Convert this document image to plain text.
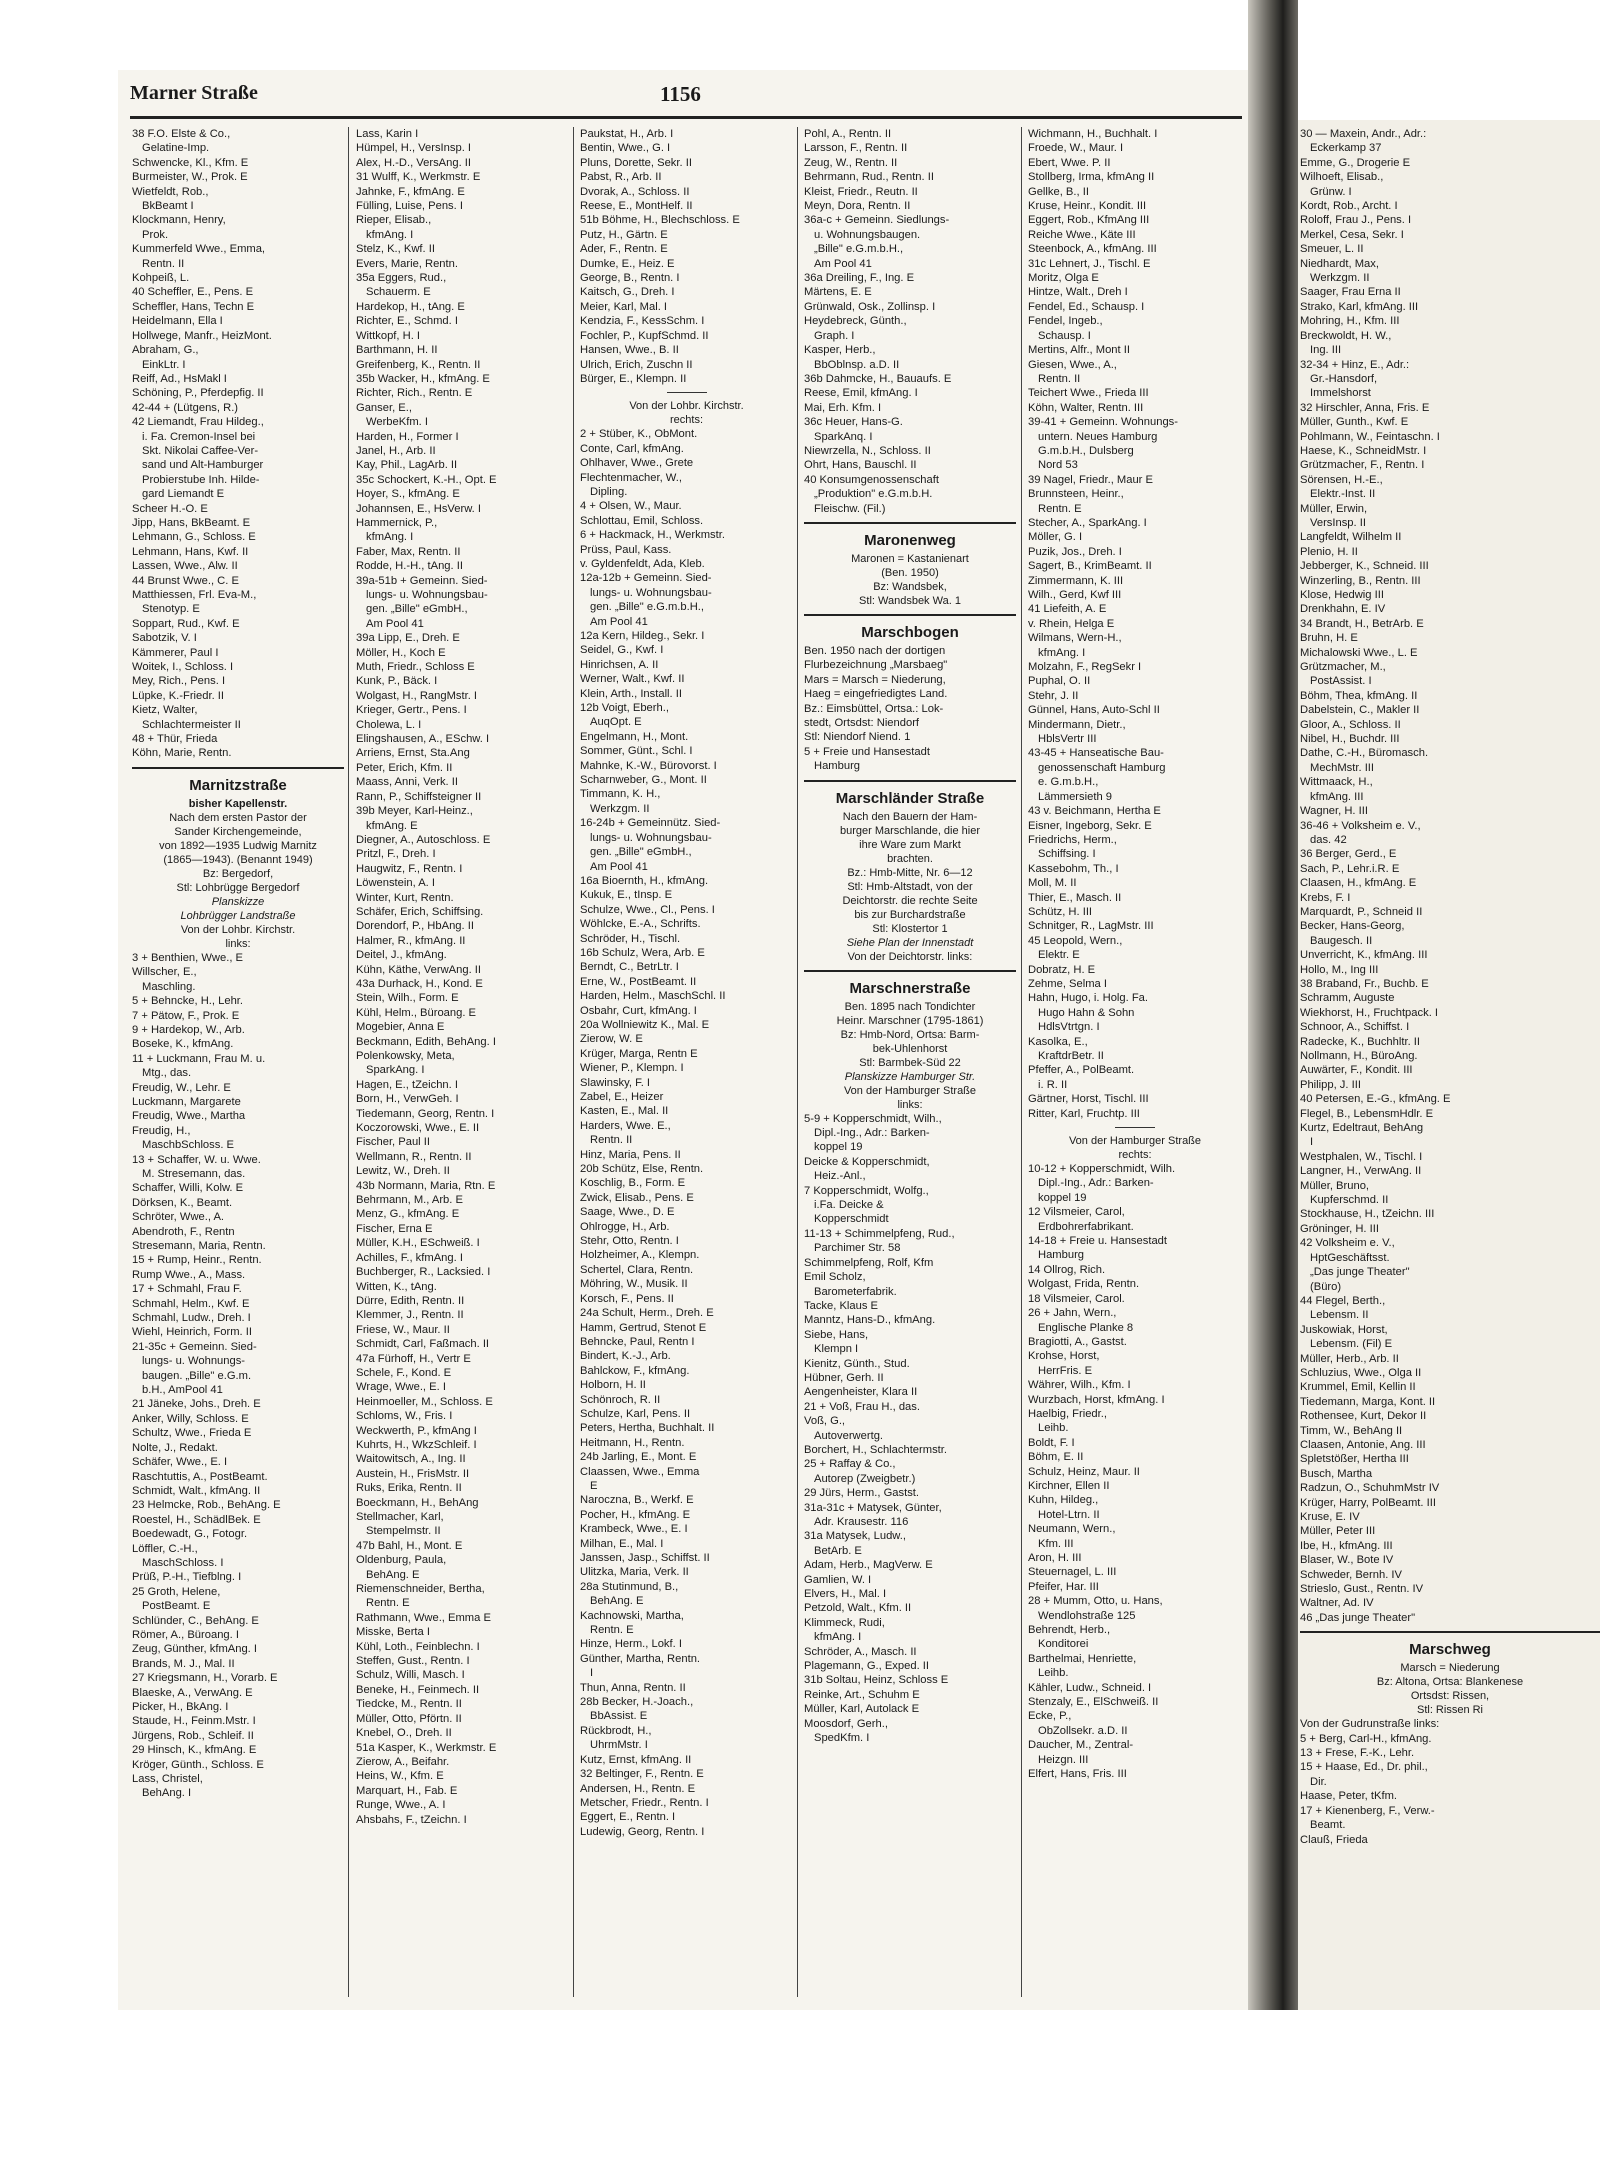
Marner Straße	1156
38 F.O. Elste & Co.,
Gelatine-Imp.
Schwencke, Kl., Kfm. E
Burmeister, W., Prok. E
Wietfeldt, Rob.,
BkBeamt I
Klockmann, Henry,
Prok.
Kummerfeld Wwe., Emma,
Rentn. II
Kohpeiß, L.
40 Scheffler, E., Pens. E
Scheffler, Hans, Techn E
Heidelmann, Ella I
Hollwege, Manfr., HeizMont.
Abraham, G.,
EinkLtr. I
Reiff, Ad., HsMakl I
Schöning, P., Pferdepfig. II
42-44 + (Lütgens, R.)
42 Liemandt, Frau Hildeg.,
i. Fa. Cremon-Insel bei
Skt. Nikolai Caffee-Ver-
sand und Alt-Hamburger
Probierstube Inh. Hilde-
gard Liemandt E
Scheer H.-O. E
Jipp, Hans, BkBeamt. E
Lehmann, G., Schloss. E
Lehmann, Hans, Kwf. II
Lassen, Wwe., Alw. II
44 Brunst Wwe., C. E
Matthiessen, Frl. Eva-M.,
Stenotyp. E
Soppart, Rud., Kwf. E
Sabotzik, V. I
Kämmerer, Paul I
Woitek, I., Schloss. I
Mey, Rich., Pens. I
Lüpke, K.-Friedr. II
Kietz, Walter,
Schlachtermeister II
48 + Thür, Frieda
Köhn, Marie, Rentn.
Marnitzstraße
bisher Kapellenstr.
Nach dem ersten Pastor der
Sander Kirchengemeinde,
von 1892—1935 Ludwig Marnitz
(1865—1943). (Benannt 1949)
Bz: Bergedorf,
Stl: Lohbrügge Bergedorf
Planskizze
Lohbrügger Landstraße
Von der Lohbr. Kirchstr.
links:
3 + Benthien, Wwe., E
Willscher, E.,
Maschling.
5 + Behncke, H., Lehr.
7 + Pätow, F., Prok. E
9 + Hardekop, W., Arb.
Boseke, K., kfmAng.
11 + Luckmann, Frau M. u.
Mtg., das.
Freudig, W., Lehr. E
Luckmann, Margarete
Freudig, Wwe., Martha
Freudig, H.,
MaschbSchloss. E
13 + Schaffer, W. u. Wwe.
M. Stresemann, das.
Schaffer, Willi, Kolw. E
Dörksen, K., Beamt.
Schröter, Wwe., A.
Abendroth, F., Rentn
Stresemann, Maria, Rentn.
15 + Rump, Heinr., Rentn.
Rump Wwe., A., Mass.
17 + Schmahl, Frau F.
Schmahl, Helm., Kwf. E
Schmahl, Ludw., Dreh. I
Wiehl, Heinrich, Form. II
21-35c + Gemeinn. Sied-
lungs- u. Wohnungs-
baugen. „Bille" e.G.m.
b.H., AmPool 41
21 Jäneke, Johs., Dreh. E
Anker, Willy, Schloss. E
Schultz, Wwe., Frieda E
Nolte, J., Redakt.
Schäfer, Wwe., E. I
Raschtuttis, A., PostBeamt.
Schmidt, Walt., kfmAng. II
23 Helmcke, Rob., BehAng. E
Roestel, H., SchädlBek. E
Boedewadt, G., Fotogr.
Löffler, C.-H.,
MaschSchloss. I
Prüß, P.-H., Tiefblng. I
25 Groth, Helene,
PostBeamt. E
Schlünder, C., BehAng. E
Römer, A., Büroang. I
Zeug, Günther, kfmAng. I
Brands, M. J., Mal. II
27 Kriegsmann, H., Vorarb. E
Blaeske, A., VerwAng. E
Picker, H., BkAng. I
Staude, H., Feinm.Mstr. I
Jürgens, Rob., Schleif. II
29 Hinsch, K., kfmAng. E
Kröger, Günth., Schloss. E
Lass, Christel,
BehAng. I
Lass, Karin I
Hümpel, H., VersInsp. I
Alex, H.-D., VersAng. II
31 Wulff, K., Werkmstr. E
Jahnke, F., kfmAng. E
Fülling, Luise, Pens. I
Rieper, Elisab.,
kfmAng. I
Stelz, K., Kwf. II
Evers, Marie, Rentn.
35a Eggers, Rud.,
Schauerm. E
Hardekop, H., tAng. E
Richter, E., Schmd. I
Wittkopf, H. I
Barthmann, H. II
Greifenberg, K., Rentn. II
35b Wacker, H., kfmAng. E
Richter, Rich., Rentn. E
Ganser, E.,
WerbeKfm. I
Harden, H., Former I
Janel, H., Arb. II
Kay, Phil., LagArb. II
35c Schockert, K.-H., Opt. E
Hoyer, S., kfmAng. E
Johannsen, E., HsVerw. I
Hammernick, P.,
kfmAng. I
Faber, Max, Rentn. II
Rodde, H.-H., tAng. II
39a-51b + Gemeinn. Sied-
lungs- u. Wohnungsbau-
gen. „Bille" eGmbH.,
Am Pool 41
39a Lipp, E., Dreh. E
Möller, H., Koch E
Muth, Friedr., Schloss E
Kunk, P., Bäck. I
Wolgast, H., RangMstr. I
Krieger, Gertr., Pens. I
Cholewa, L. I
Elingshausen, A., ESchw. I
Arriens, Ernst, Sta.Ang
Peter, Erich, Kfm. II
Maass, Anni, Verk. II
Rann, P., Schiffsteigner II
39b Meyer, Karl-Heinz.,
kfmAng. E
Diegner, A., Autoschloss. E
Pritzl, F., Dreh. I
Haugwitz, F., Rentn. I
Löwenstein, A. I
Winter, Kurt, Rentn.
Schäfer, Erich, Schiffsing.
Dorendorf, P., HbAng. II
Halmer, R., kfmAng. II
Deitel, J., kfmAng.
Kühn, Käthe, VerwAng. II
43a Durhack, H., Kond. E
Stein, Wilh., Form. E
Kühl, Helm., Büroang. E
Mogebier, Anna E
Beckmann, Edith, BehAng. I
Polenkowsky, Meta,
SparkAng. I
Hagen, E., tZeichn. I
Born, H., VerwGeh. I
Tiedemann, Georg, Rentn. I
Koczorowski, Wwe., E. II
Fischer, Paul II
Wellmann, R., Rentn. II
Lewitz, W., Dreh. II
43b Normann, Maria, Rtn. E
Behrmann, M., Arb. E
Menz, G., kfmAng. E
Fischer, Erna E
Müller, K.H., ESchweiß. I
Achilles, F., kfmAng. I
Buchberger, R., Lacksied. I
Witten, K., tAng.
Dürre, Edith, Rentn. II
Klemmer, J., Rentn. II
Friese, W., Maur. II
Schmidt, Carl, Faßmach. II
47a Fürhoff, H., Vertr E
Schele, F., Kond. E
Wrage, Wwe., E. I
Heinmoeller, M., Schloss. E
Schloms, W., Fris. I
Weckwerth, P., kfmAng I
Kuhrts, H., WkzSchleif. I
Waitowitsch, A., Ing. II
Austein, H., FrisMstr. II
Ruks, Erika, Rentn. II
Boeckmann, H., BehAng
Stellmacher, Karl,
Stempelmstr. II
47b Bahl, H., Mont. E
Oldenburg, Paula,
BehAng. E
Riemenschneider, Bertha,
Rentn. E
Rathmann, Wwe., Emma E
Misske, Berta I
Kühl, Loth., Feinblechn. I
Steffen, Gust., Rentn. I
Schulz, Willi, Masch. I
Beneke, H., Feinmech. II
Tiedcke, M., Rentn. II
Müller, Otto, Pförtn. II
Knebel, O., Dreh. II
51a Kasper, K., Werkmstr. E
Zierow, A., Beifahr.
Heins, W., Kfm. E
Marquart, H., Fab. E
Runge, Wwe., A. I
Ahsbahs, F., tZeichn. I
Paukstat, H., Arb. I
Bentin, Wwe., G. I
Pluns, Dorette, Sekr. II
Pabst, R., Arb. II
Dvorak, A., Schloss. II
Reese, E., MontHelf. II
51b Böhme, H., Blechschloss. E
Putz, H., Gärtn. E
Ader, F., Rentn. E
Dumke, E., Heiz. E
George, B., Rentn. I
Kaitsch, G., Dreh. I
Meier, Karl, Mal. I
Kendzia, F., KessSchm. I
Fochler, P., KupfSchmd. II
Hansen, Wwe., B. II
Ulrich, Erich, Zuschn II
Bürger, E., Klempn. II
Von der Lohbr. Kirchstr.
rechts:
2 + Stüber, K., ObMont.
Conte, Carl, kfmAng.
Ohlhaver, Wwe., Grete
Flechtenmacher, W.,
Dipling.
4 + Olsen, W., Maur.
Schlottau, Emil, Schloss.
6 + Hackmack, H., Werkmstr.
Prüss, Paul, Kass.
v. Gyldenfeldt, Ada, Kleb.
12a-12b + Gemeinn. Sied-
lungs- u. Wohnungsbau-
gen. „Bille" e.G.m.b.H.,
Am Pool 41
12a Kern, Hildeg., Sekr. I
Seidel, G., Kwf. I
Hinrichsen, A. II
Werner, Walt., Kwf. II
Klein, Arth., Install. II
12b Voigt, Eberh.,
AuqOpt. E
Engelmann, H., Mont.
Sommer, Günt., Schl. I
Mahnke, K.-W., Bürovorst. I
Scharnweber, G., Mont. II
Timmann, K. H.,
Werkzgm. II
16-24b + Gemeinnütz. Sied-
lungs- u. Wohnungsbau-
gen. „Bille" eGmbH.,
Am Pool 41
16a Bioernth, H., kfmAng.
Kukuk, E., tInsp. E
Schulze, Wwe., Cl., Pens. I
Wöhlcke, E.-A., Schrifts.
Schröder, H., Tischl.
16b Schulz, Wera, Arb. E
Berndt, C., BetrLtr. I
Erne, W., PostBeamt. II
Harden, Helm., MaschSchl. II
Osbahr, Curt, kfmAng. I
20a Wollniewitz K., Mal. E
Zierow, W. E
Krüger, Marga, Rentn E
Wiener, P., Klempn. I
Slawinsky, F. I
Zabel, E., Heizer
Kasten, E., Mal. II
Harders, Wwe. E.,
Rentn. II
Hinz, Maria, Pens. II
20b Schütz, Else, Rentn.
Koschlig, B., Form. E
Zwick, Elisab., Pens. E
Saage, Wwe., D. E
Ohlrogge, H., Arb.
Stehr, Otto, Rentn. I
Holzheimer, A., Klempn.
Schertel, Clara, Rentn.
Möhring, W., Musik. II
Korsch, F., Pens. II
24a Schult, Herm., Dreh. E
Hamm, Gertrud, Stenot E
Behncke, Paul, Rentn I
Bindert, K.-J., Arb.
Bahlckow, F., kfmAng.
Holborn, H. II
Schönroch, R. II
Schulze, Karl, Pens. II
Peters, Hertha, Buchhalt. II
Heitmann, H., Rentn.
24b Jarling, E., Mont. E
Claassen, Wwe., Emma
E
Naroczna, B., Werkf. E
Pocher, H., kfmAng. E
Krambeck, Wwe., E. I
Milhan, E., Mal. I
Janssen, Jasp., Schiffst. II
Ulitzka, Maria, Verk. II
28a Stutinmund, B.,
BehAng. E
Kachnowski, Martha,
Rentn. E
Hinze, Herm., Lokf. I
Günther, Martha, Rentn.
I
Thun, Anna, Rentn. II
28b Becker, H.-Joach.,
BbAssist. E
Rückbrodt, H.,
UhrmMstr. I
Kutz, Ernst, kfmAng. II
32 Beltinger, F., Rentn. E
Andersen, H., Rentn. E
Metscher, Friedr., Rentn. I
Eggert, E., Rentn. I
Ludewig, Georg, Rentn. I
Pohl, A., Rentn. II
Larsson, F., Rentn. II
Zeug, W., Rentn. II
Behrmann, Rud., Rentn. II
Kleist, Friedr., Reutn. II
Meyn, Dora, Rentn. II
36a-c + Gemeinn. Siedlungs-
u. Wohnungsbaugen.
„Bille" e.G.m.b.H.,
Am Pool 41
36a Dreiling, F., Ing. E
Märtens, E. E
Grünwald, Osk., Zollinsp. I
Heydebreck, Günth.,
Graph. I
Kasper, Herb.,
BbOblnsp. a.D. II
36b Dahmcke, H., Bauaufs. E
Reese, Emil, kfmAng. I
Mai, Erh. Kfm. I
36c Heuer, Hans-G.
SparkAnq. I
Niewrzella, N., Schloss. II
Ohrt, Hans, Bauschl. II
40 Konsumgenossenschaft
„Produktion" e.G.m.b.H.
Fleischw. (Fil.)
Maronenweg
Maronen = Kastanienart
(Ben. 1950)
Bz: Wandsbek,
Stl: Wandsbek Wa. 1
Marschbogen
Ben. 1950 nach der dortigen
Flurbezeichnung „Marsbaeg"
Mars = Marsch = Niederung,
Haeg = eingefriedigtes Land.
Bz.: Eimsbüttel, Ortsa.: Lok-
stedt, Ortsdst: Niendorf
Stl: Niendorf Niend. 1
5 + Freie und Hansestadt
Hamburg
Marschländer Straße
Nach den Bauern der Ham-
burger Marschlande, die hier
ihre Ware zum Markt
brachten.
Bz.: Hmb-Mitte, Nr. 6—12
Stl: Hmb-Altstadt, von der
Deichtorstr. die rechte Seite
bis zur Burchardstraße
Stl: Klostertor 1
Siehe Plan der Innenstadt
Von der Deichtorstr. links:
Marschnerstraße
Ben. 1895 nach Tondichter
Heinr. Marschner (1795-1861)
Bz: Hmb-Nord, Ortsa: Barm-
bek-Uhlenhorst
Stl: Barmbek-Süd 22
Planskizze Hamburger Str.
Von der Hamburger Straße
links:
5-9 + Kopperschmidt, Wilh.,
Dipl.-Ing., Adr.: Barken-
koppel 19
Deicke & Kopperschmidt,
Heiz.-Anl.,
7 Kopperschmidt, Wolfg.,
i.Fa. Deicke &
Kopperschmidt
11-13 + Schimmelpfeng, Rud.,
Parchimer Str. 58
Schimmelpfeng, Rolf, Kfm
Emil Scholz,
Barometerfabrik.
Tacke, Klaus E
Manntz, Hans-D., kfmAng.
Siebe, Hans,
Klempn I
Kienitz, Günth., Stud.
Hübner, Gerh. II
Aengenheister, Klara II
21 + Voß, Frau H., das.
Voß, G.,
Autoverwertg.
Borchert, H., Schlachtermstr.
25 + Raffay & Co.,
Autorep (Zweigbetr.)
29 Jürs, Herm., Gastst.
31a-31c + Matysek, Günter,
Adr. Krausestr. 116
31a Matysek, Ludw.,
BetArb. E
Adam, Herb., MagVerw. E
Gamlien, W. I
Elvers, H., Mal. I
Petzold, Walt., Kfm. II
Klimmeck, Rudi,
kfmAng. I
Schröder, A., Masch. II
Plagemann, G., Exped. II
31b Soltau, Heinz, Schloss E
Reinke, Art., Schuhm E
Müller, Karl, Autolack E
Moosdorf, Gerh.,
SpedKfm. I
Wichmann, H., Buchhalt. I
Froede, W., Maur. I
Ebert, Wwe. P. II
Stollberg, Irma, kfmAng II
Gellke, B., II
Kruse, Heinr., Kondit. III
Eggert, Rob., KfmAng III
Reiche Wwe., Käte III
Steenbock, A., kfmAng. III
31c Lehnert, J., Tischl. E
Moritz, Olga E
Hintze, Walt., Dreh I
Fendel, Ed., Schausp. I
Fendel, Ingeb.,
Schausp. I
Mertins, Alfr., Mont II
Giesen, Wwe., A.,
Rentn. II
Teichert Wwe., Frieda III
Köhn, Walter, Rentn. III
39-41 + Gemeinn. Wohnungs-
untern. Neues Hamburg
G.m.b.H., Dulsberg
Nord 53
39 Nagel, Friedr., Maur E
Brunnsteen, Heinr.,
Rentn. E
Stecher, A., SparkAng. I
Möller, G. I
Puzik, Jos., Dreh. I
Sagert, B., KrimBeamt. II
Zimmermann, K. III
Wilh., Gerd, Kwf III
41 Liefeith, A. E
v. Rhein, Helga E
Wilmans, Wern-H.,
kfmAng. I
Molzahn, F., RegSekr I
Puphal, O. II
Stehr, J. II
Günnel, Hans, Auto-Schl II
Mindermann, Dietr.,
HblsVertr III
43-45 + Hanseatische Bau-
genossenschaft Hamburg
e. G.m.b.H.,
Lämmersieth 9
43 v. Beichmann, Hertha E
Eisner, Ingeborg, Sekr. E
Friedrichs, Herm.,
Schiffsing. I
Kassebohm, Th., I
Moll, M. II
Thier, E., Masch. II
Schütz, H. III
Schnitger, R., LagMstr. III
45 Leopold, Wern.,
Elektr. E
Dobratz, H. E
Zehme, Selma I
Hahn, Hugo, i. Holg. Fa.
Hugo Hahn & Sohn
HdlsVtrtgn. I
Kasolka, E.,
KraftdrBetr. II
Pfeffer, A., PolBeamt.
i. R. II
Gärtner, Horst, Tischl. III
Ritter, Karl, Fruchtp. III
Von der Hamburger Straße
rechts:
10-12 + Kopperschmidt, Wilh.
Dipl.-Ing., Adr.: Barken-
koppel 19
12 Vilsmeier, Carol,
Erdbohrerfabrikant.
14-18 + Freie u. Hansestadt
Hamburg
14 Ollrog, Rich.
Wolgast, Frida, Rentn.
18 Vilsmeier, Carol.
26 + Jahn, Wern.,
Englische Planke 8
Bragiotti, A., Gastst.
Krohse, Horst,
HerrFris. E
Währer, Wilh., Kfm. I
Wurzbach, Horst, kfmAng. I
Haelbig, Friedr.,
Leihb.
Boldt, F. I
Böhm, E. II
Schulz, Heinz, Maur. II
Kirchner, Ellen II
Kuhn, Hildeg.,
Hotel-Ltrn. II
Neumann, Wern.,
Kfm. III
Aron, H. III
Steuernagel, L. III
Pfeifer, Har. III
28 + Mumm, Otto, u. Hans,
Wendlohstraße 125
Behrendt, Herb.,
Konditorei
Barthelmai, Henriette,
Leihb.
Kähler, Ludw., Schneid. I
Stenzaly, E., ElSchweiß. II
Ecke, P.,
ObZollsekr. a.D. II
Daucher, M., Zentral-
Heizgn. III
Elfert, Hans, Fris. III
30 — Maxein, Andr., Adr.:
Eckerkamp 37
Emme, G., Drogerie E
Wilhoeft, Elisab.,
Grünw. I
Kordt, Rob., Archt. I
Roloff, Frau J., Pens. I
Merkel, Cesa, Sekr. I
Smeuer, L. II
Niedhardt, Max,
Werkzgm. II
Saager, Frau Erna II
Strako, Karl, kfmAng. III
Mohring, H., Kfm. III
Breckwoldt, H. W.,
Ing. III
32-34 + Hinz, E., Adr.:
Gr.-Hansdorf,
Immelshorst
32 Hirschler, Anna, Fris. E
Müller, Gunth., Kwf. E
Pohlmann, W., Feintaschn. I
Haese, K., SchneidMstr. I
Grützmacher, F., Rentn. I
Sörensen, H.-E.,
Elektr.-Inst. II
Müller, Erwin,
VersInsp. II
Langfeldt, Wilhelm II
Plenio, H. II
Jebberger, K., Schneid. III
Winzerling, B., Rentn. III
Klose, Hedwig III
Drenkhahn, E. IV
34 Brandt, H., BetrArb. E
Bruhn, H. E
Michalowski Wwe., L. E
Grützmacher, M.,
PostAssist. I
Böhm, Thea, kfmAng. II
Dabelstein, C., Makler II
Gloor, A., Schloss. II
Nibel, H., Buchdr. III
Dathe, C.-H., Büromasch.
MechMstr. III
Wittmaack, H.,
kfmAng. III
Wagner, H. III
36-46 + Volksheim e. V.,
das. 42
36 Berger, Gerd., E
Sach, P., Lehr.i.R. E
Claasen, H., kfmAng. E
Krebs, F. I
Marquardt, P., Schneid II
Becker, Hans-Georg,
Baugesch. II
Unverricht, K., kfmAng. III
Hollo, M., Ing III
38 Braband, Fr., Buchb. E
Schramm, Auguste
Wiekhorst, H., Fruchtpack. I
Schnoor, A., Schiffst. I
Radecke, K., Buchhltr. II
Nollmann, H., BüroAng.
Auwärter, F., Kondit. III
Philipp, J. III
40 Petersen, E.-G., kfmAng. E
Flegel, B., LebensmHdlr. E
Kurtz, Edeltraut, BehAng
I
Westphalen, W., Tischl. I
Langner, H., VerwAng. II
Müller, Bruno,
Kupferschmd. II
Stockhause, H., tZeichn. III
Gröninger, H. III
42 Volksheim e. V.,
HptGeschäftsst.
„Das junge Theater"
(Büro)
44 Flegel, Berth.,
Lebensm. II
Juskowiak, Horst,
Lebensm. (Fil) E
Müller, Herb., Arb. II
Schluzius, Wwe., Olga II
Krummel, Emil, Kellin II
Tiedemann, Marga, Kont. II
Rothensee, Kurt, Dekor II
Timm, W., BehAng II
Claasen, Antonie, Ang. III
Spletstößer, Hertha III
Busch, Martha
Radzun, O., SchuhmMstr IV
Krüger, Harry, PolBeamt. III
Kruse, E. IV
Müller, Peter III
Ibe, H., kfmAng. III
Blaser, W., Bote IV
Schweder, Bernh. IV
Strieslo, Gust., Rentn. IV
Waltner, Ad. IV
46 „Das junge Theater"
Marschweg
Marsch = Niederung
Bz: Altona, Ortsa: Blankenese
Ortsdst: Rissen,
Stl: Rissen Ri
Von der Gudrunstraße links:
5 + Berg, Carl-H., kfmAng.
13 + Frese, F.-K., Lehr.
15 + Haase, Ed., Dr. phil.,
Dir.
Haase, Peter, tKfm.
17 + Kienenberg, F., Verw.-
Beamt.
Clauß, Frieda
